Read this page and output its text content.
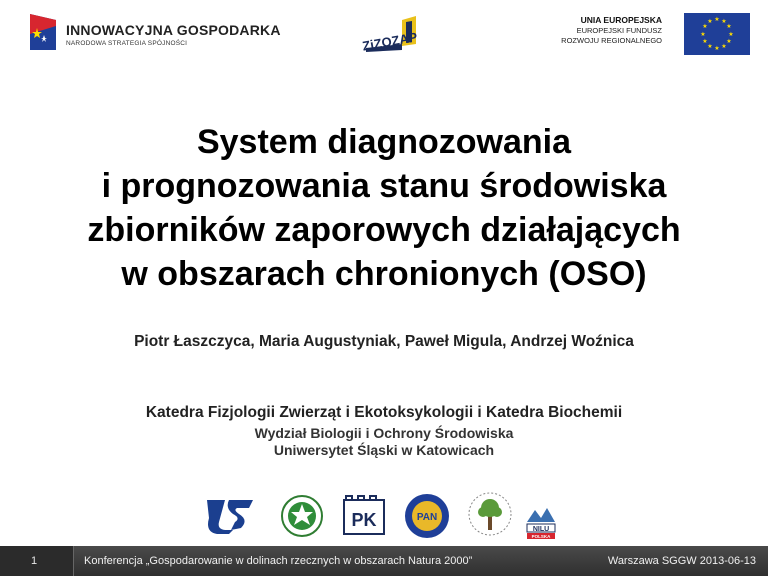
INNOWACYJNA GOSPODARKA
NARODOWA STRATEGIA SPÓJNOŚCI	ZiZOZAP
UNIA EUROPEJSKA
EUROPEJSKI FUNDUSZ
ROZWOJU REGIONALNEGO
★ ★
★
★
★
★
★
★
★
★
★
★
System diagnozowania
i prognozowania stanu środowiska
zbiorników zaporowych działających
w obszarach chronionych (OSO)
Piotr Łaszczyca, Maria Augustyniak, Paweł Migula, Andrzej Woźnica
Katedra Fizjologii Zwierząt i Ekotoksykologii i Katedra Biochemii
Wydział Biologii i Ochrony Środowiska
Uniwersytet Śląski w Katowicach
PK	PAN
NILU
POLSKA
1	Konferencja „Gospodarowanie w dolinach rzecznych w obszarach Natura 2000”	Warszawa SGGW 2013-06-13
